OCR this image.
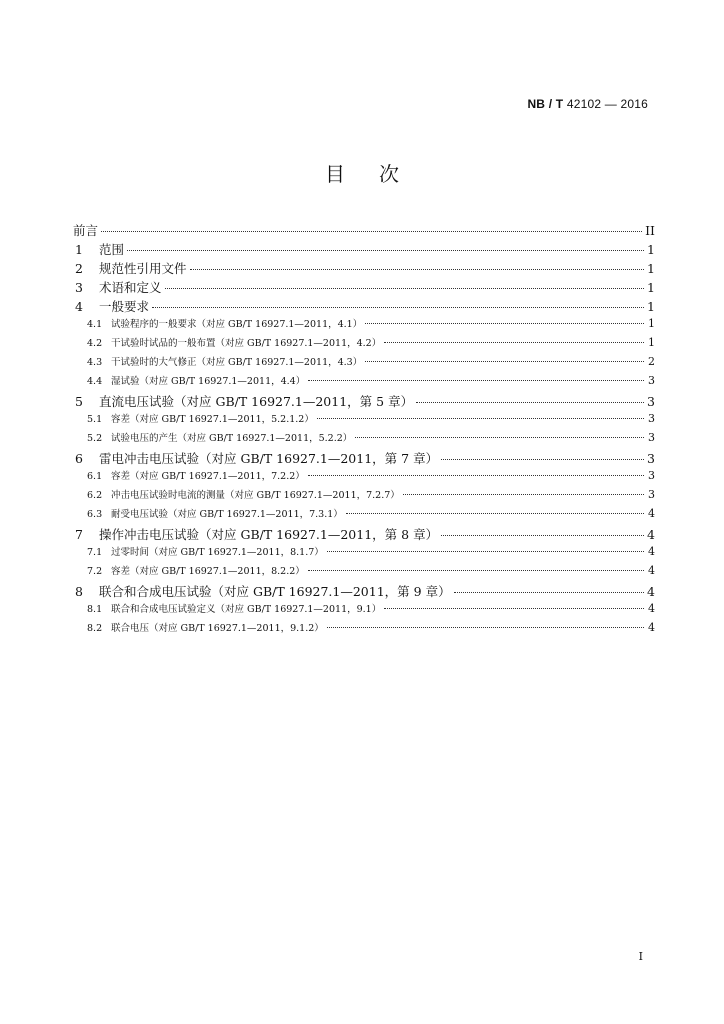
NB / T 42102 — 2016
目次
前言	II
1	范围	1
2	规范性引用文件	1
3	术语和定义	1
4	一般要求	1
4.1 试验程序的一般要求（对应 GB/T 16927.1—2011，4.1）	1
4.2 干试验时试品的一般布置（对应 GB/T 16927.1—2011，4.2）	1
4.3 干试验时的大气修正（对应 GB/T 16927.1—2011，4.3）	2
4.4 湿试验（对应 GB/T 16927.1—2011，4.4）	3
5	直流电压试验（对应 GB/T 16927.1—2011，第 5 章）	3
5.1 容差（对应 GB/T 16927.1—2011，5.2.1.2）	3
5.2 试验电压的产生（对应 GB/T 16927.1—2011，5.2.2）	3
6	雷电冲击电压试验（对应 GB/T 16927.1—2011，第 7 章）	3
6.1 容差（对应 GB/T 16927.1—2011，7.2.2）	3
6.2 冲击电压试验时电流的测量（对应 GB/T 16927.1—2011，7.2.7）	3
6.3 耐受电压试验（对应 GB/T 16927.1—2011，7.3.1）	4
7	操作冲击电压试验（对应 GB/T 16927.1—2011，第 8 章）	4
7.1 过零时间（对应 GB/T 16927.1—2011，8.1.7）	4
7.2 容差（对应 GB/T 16927.1—2011，8.2.2）	4
8	联合和合成电压试验（对应 GB/T 16927.1—2011，第 9 章）	4
8.1 联合和合成电压试验定义（对应 GB/T 16927.1—2011，9.1）	4
8.2 联合电压（对应 GB/T 16927.1—2011，9.1.2）	4
I
